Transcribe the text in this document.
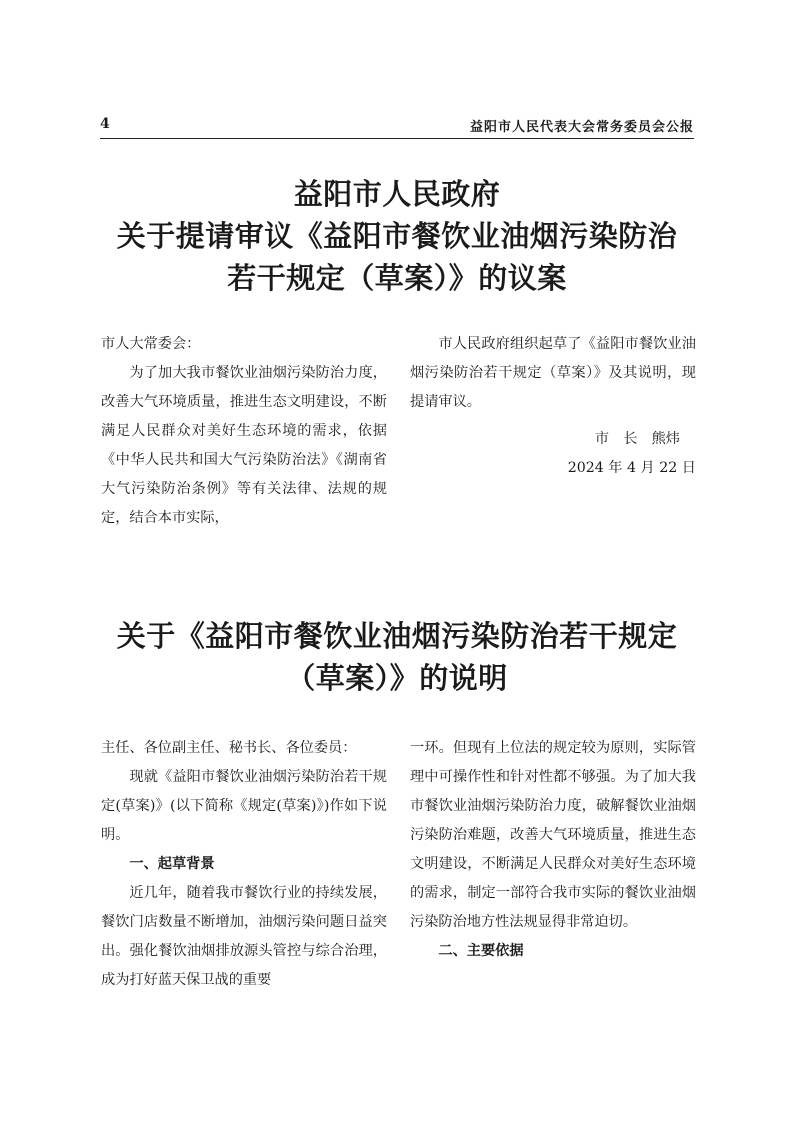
4	益阳市人民代表大会常务委员会公报
益阳市人民政府
关于提请审议《益阳市餐饮业油烟污染防治
若干规定（草案）》的议案

市人大常委会：

为了加大我市餐饮业油烟污染防治力度，改善大气环境质量，推进生态文明建设，不断满足人民群众对美好生态环境的需求，依据《中华人民共和国大气污染防治法》《湖南省大气污染防治条例》等有关法律、法规的规定，结合本市实际，

市人民政府组织起草了《益阳市餐饮业油烟污染防治若干规定（草案）》及其说明，现提请审议。

市　长　熊炜

2024 年 4 月 22 日

关于《益阳市餐饮业油烟污染防治若干规定
（草案）》的说明

主任、各位副主任、秘书长、各位委员：

现就《益阳市餐饮业油烟污染防治若干规定(草案)》(以下简称《规定(草案)》)作如下说明。

一、起草背景

近几年，随着我市餐饮行业的持续发展，餐饮门店数量不断增加，油烟污染问题日益突出。强化餐饮油烟排放源头管控与综合治理，成为打好蓝天保卫战的重要

一环。但现有上位法的规定较为原则，实际管理中可操作性和针对性都不够强。为了加大我市餐饮业油烟污染防治力度，破解餐饮业油烟污染防治难题，改善大气环境质量，推进生态文明建设，不断满足人民群众对美好生态环境的需求，制定一部符合我市实际的餐饮业油烟污染防治地方性法规显得非常迫切。

二、主要依据
